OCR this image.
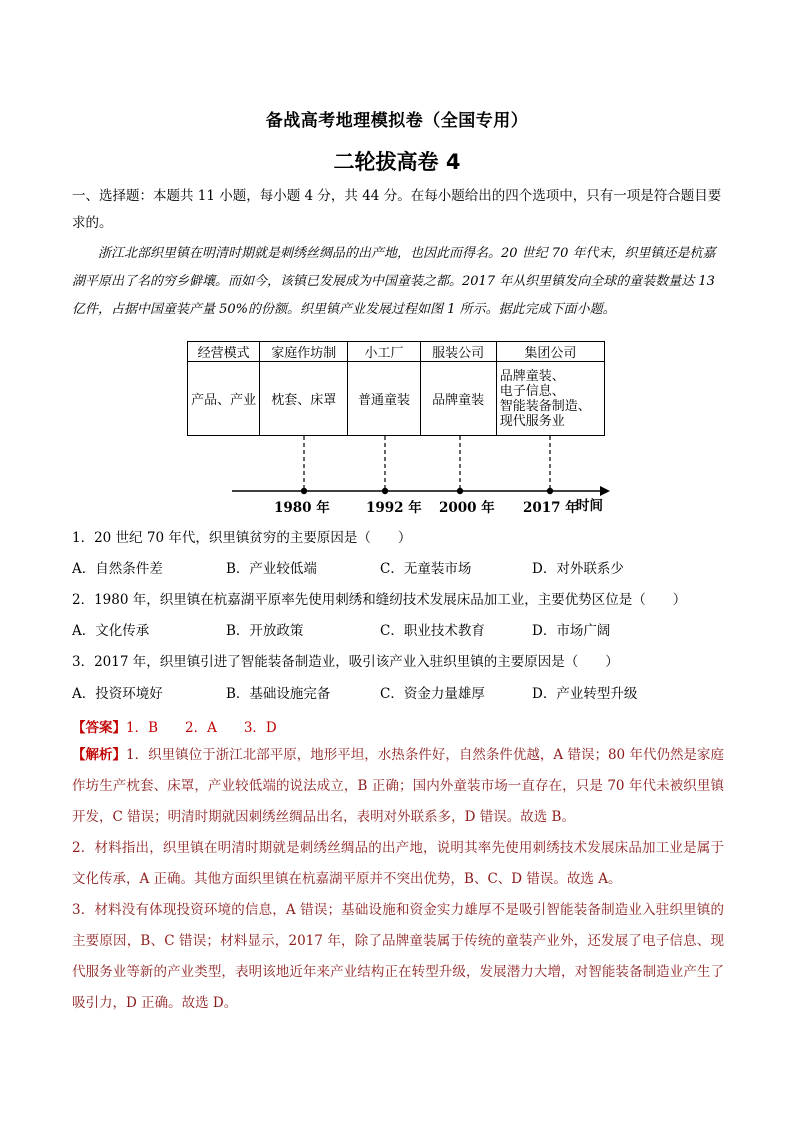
备战高考地理模拟卷（全国专用）
二轮拔高卷 4
一、选择题：本题共 11 小题，每小题 4 分，共 44 分。在每小题给出的四个选项中，只有一项是符合题目要求的。
浙江北部织里镇在明清时期就是刺绣丝绸品的出产地，也因此而得名。20 世纪 70 年代末，织里镇还是杭嘉湖平原出了名的穷乡僻壤。而如今，该镇已发展成为中国童装之都。2017 年从织里镇发向全球的童装数量达 13 亿件，占据中国童装产量 50%的份额。织里镇产业发展过程如图 1 所示。据此完成下面小题。
经营模式	家庭作坊制	小工厂	服装公司	集团公司
产品、产业	枕套、床罩	普通童装	品牌童装	品牌童装、
电子信息、
智能装备制造、
现代服务业
1980 年	1992 年 2000 年 2017 年
时间
1．20 世纪 70 年代，织里镇贫穷的主要原因是（　　）
A．自然条件差	B．产业较低端	C．无童装市场	D．对外联系少
2．1980 年，织里镇在杭嘉湖平原率先使用刺绣和缝纫技术发展床品加工业，主要优势区位是（　　）
A．文化传承	B．开放政策	C．职业技术教育	D．市场广阔
3．2017 年，织里镇引进了智能装备制造业，吸引该产业入驻织里镇的主要原因是（　　）
A．投资环境好	B．基础设施完备	C．资金力量雄厚	D．产业转型升级
【答案】1．B　　2．A　　3．D
【解析】1．织里镇位于浙江北部平原，地形平坦，水热条件好，自然条件优越，A 错误；80 年代仍然是家庭作坊生产枕套、床罩，产业较低端的说法成立，B 正确；国内外童装市场一直存在，只是 70 年代未被织里镇开发，C 错误；明清时期就因刺绣丝绸品出名，表明对外联系多，D 错误。故选 B。
2．材料指出，织里镇在明清时期就是刺绣丝绸品的出产地，说明其率先使用刺绣技术发展床品加工业是属于文化传承，A 正确。其他方面织里镇在杭嘉湖平原并不突出优势，B、C、D 错误。故选 A。
3．材料没有体现投资环境的信息，A 错误；基础设施和资金实力雄厚不是吸引智能装备制造业入驻织里镇的主要原因，B、C 错误；材料显示，2017 年，除了品牌童装属于传统的童装产业外，还发展了电子信息、现代服务业等新的产业类型，表明该地近年来产业结构正在转型升级，发展潜力大增，对智能装备制造业产生了吸引力，D 正确。故选 D。
